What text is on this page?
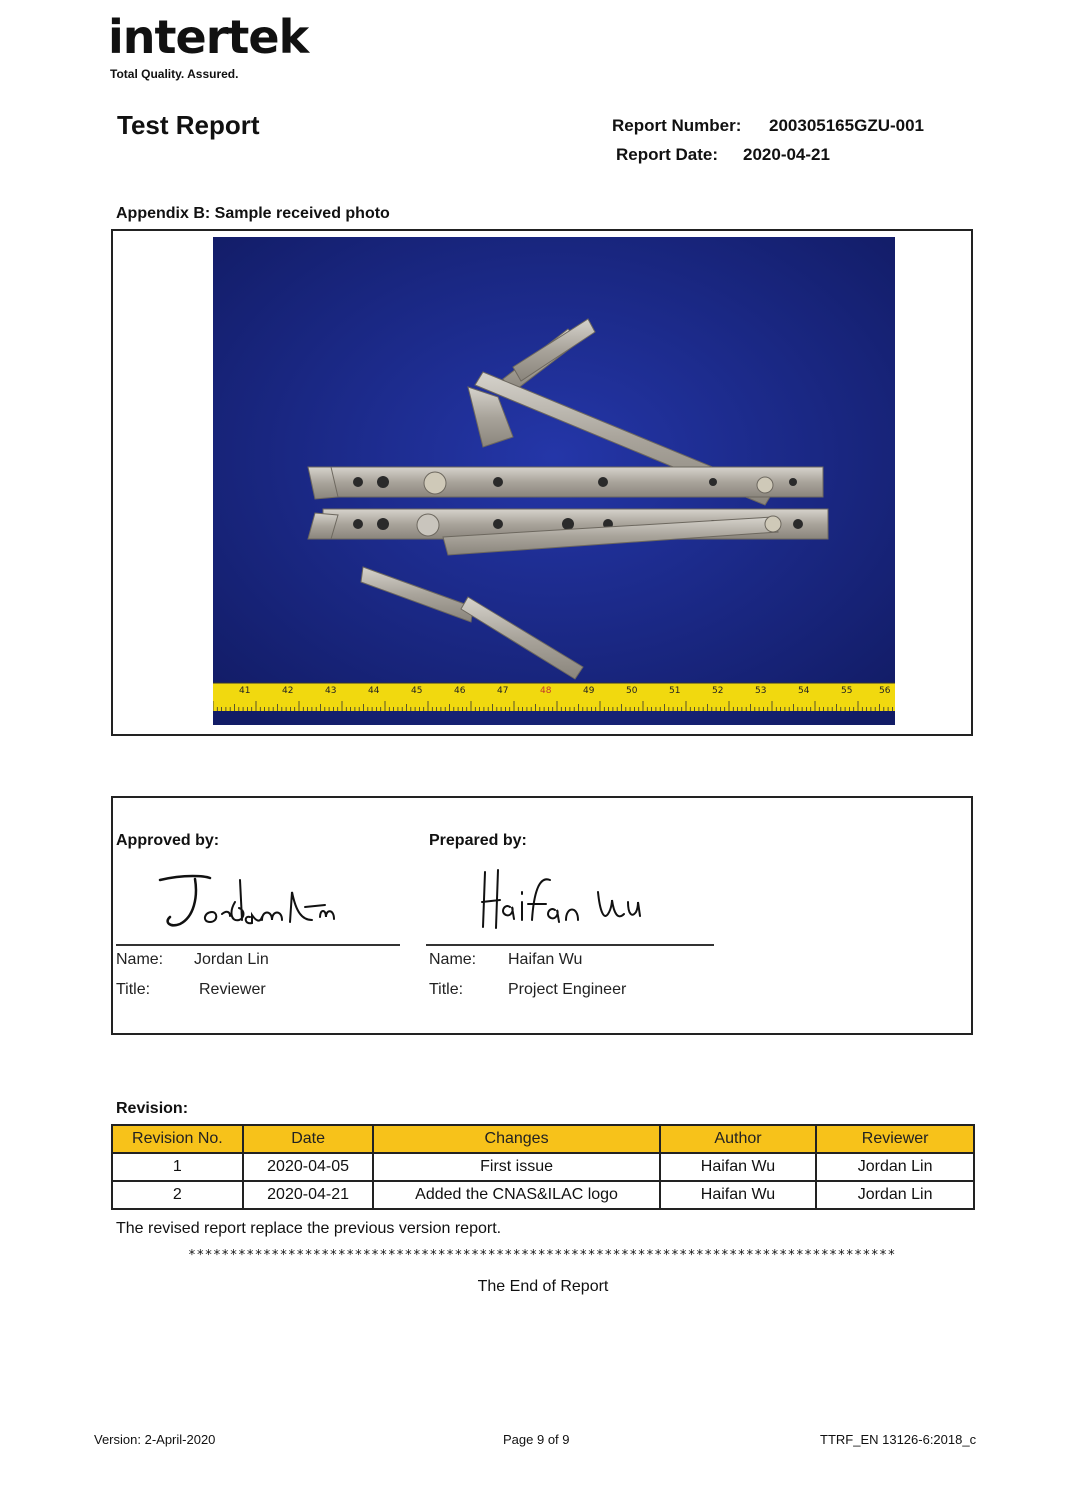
intertek
Total Quality. Assured.
Test Report	Report Number: 200305165GZU-001
Report Date: 2020-04-21
Appendix B: Sample received photo
41	42	43	44	45	46	47	48	49	50	51	52	53	54	55	56
Approved by:	Prepared by:
Name: Jordan Lin
Title:	Reviewer
Name: Haifan Wu
Title:	Project Engineer
Revision:
Revision No.	Date	Changes	Author	Reviewer
1	2020-04-05	First issue	Haifan Wu	Jordan Lin
2	2020-04-21	Added the CNAS&ILAC logo	Haifan Wu	Jordan Lin
The revised report replace the previous version report.
*************************************************************************************
The End of Report
Version: 2-April-2020	Page 9 of 9	TTRF_EN 13126-6:2018_c
